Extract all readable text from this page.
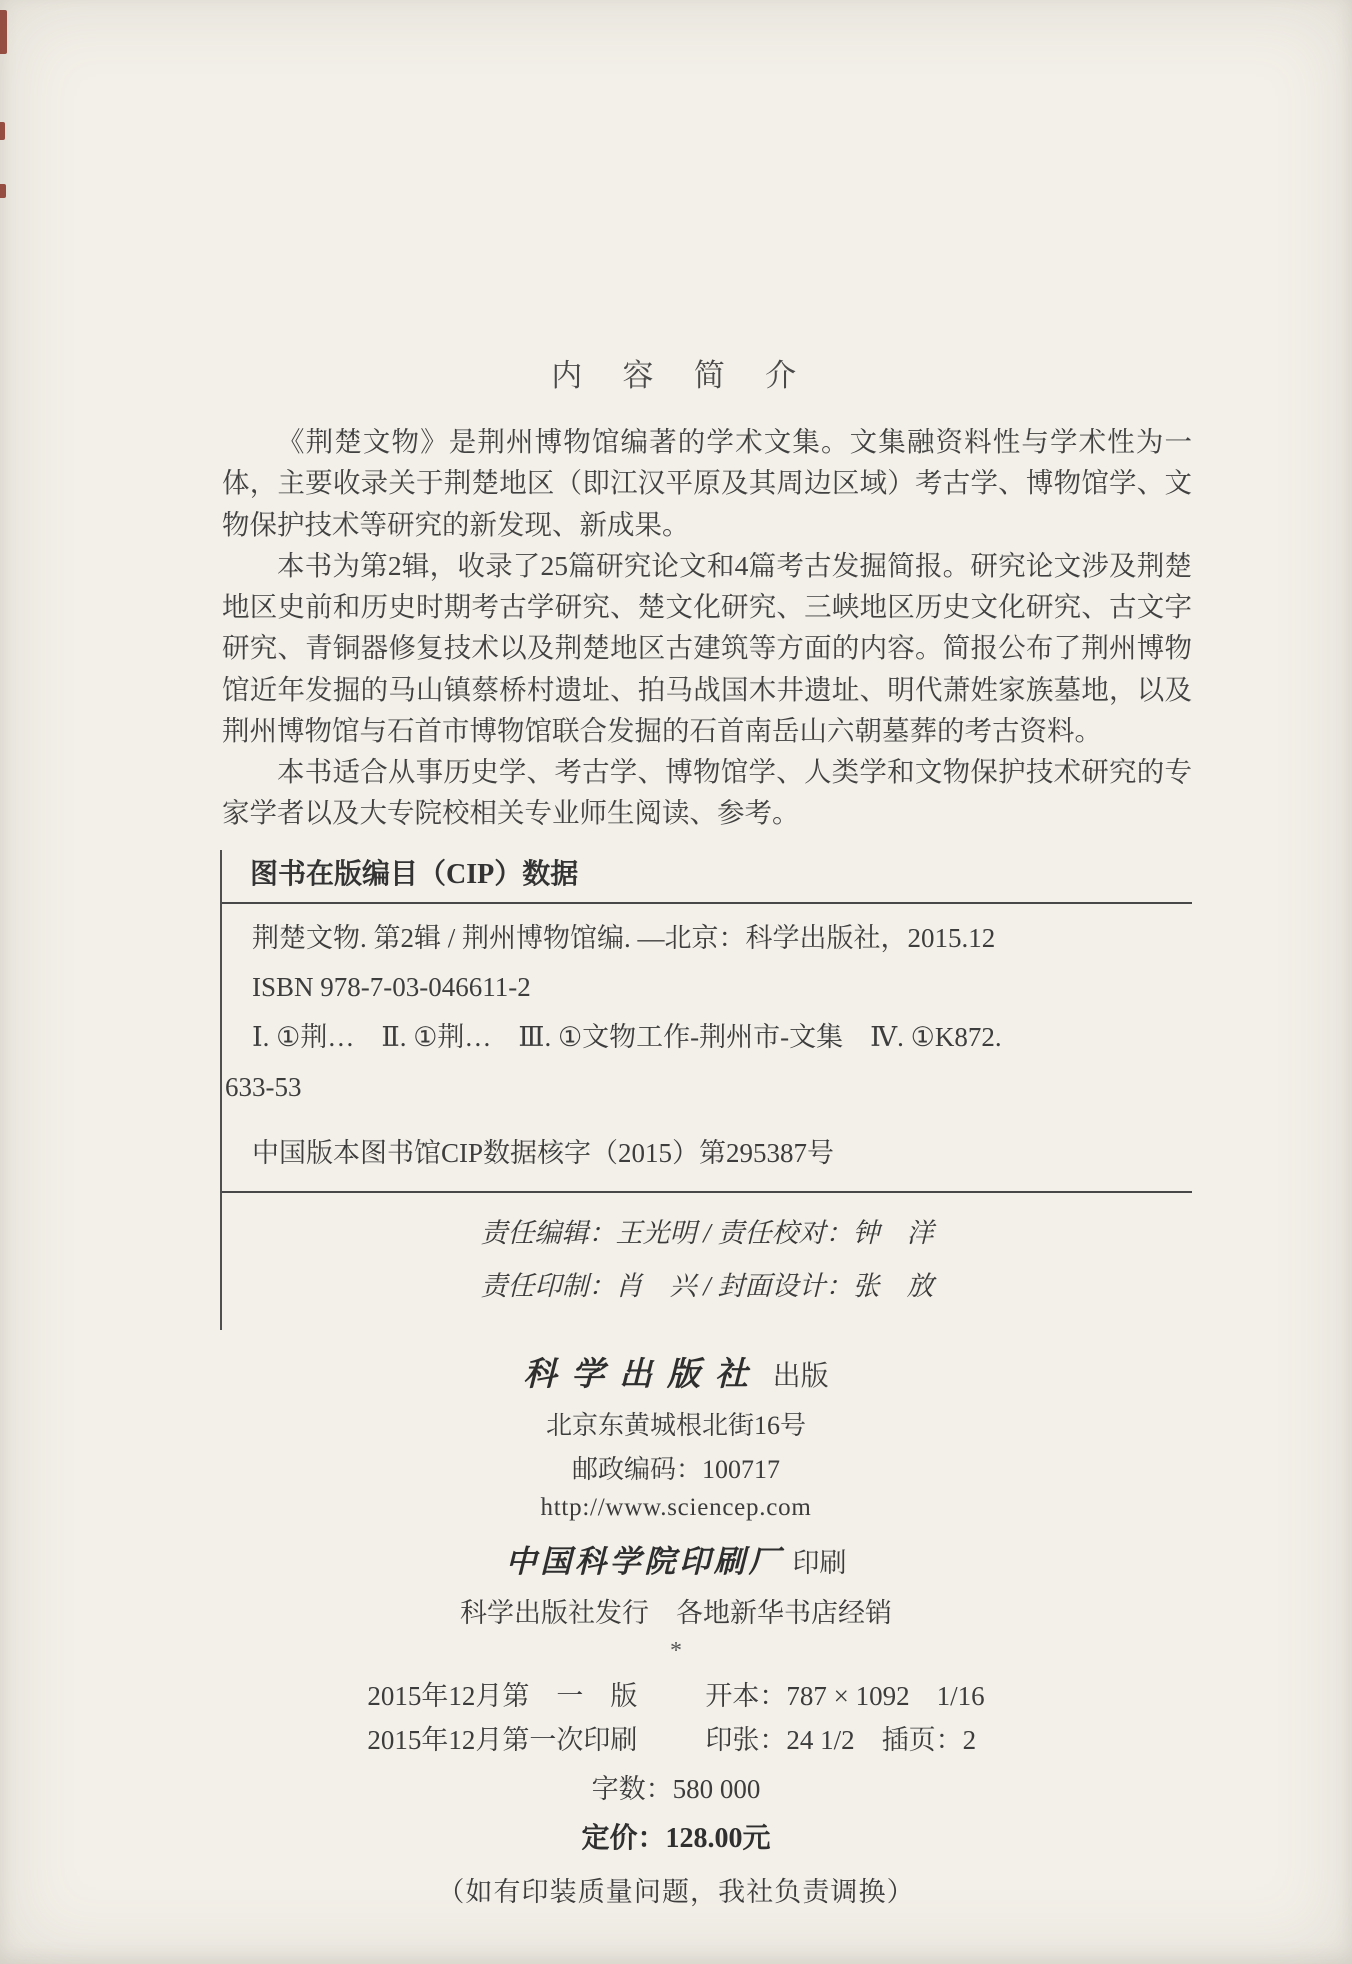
内　容　简　介

《荆楚文物》是荆州博物馆编著的学术文集。文集融资料性与学术性为一体，主要收录关于荆楚地区（即江汉平原及其周边区域）考古学、博物馆学、文物保护技术等研究的新发现、新成果。

本书为第2辑，收录了25篇研究论文和4篇考古发掘简报。研究论文涉及荆楚地区史前和历史时期考古学研究、楚文化研究、三峡地区历史文化研究、古文字研究、青铜器修复技术以及荆楚地区古建筑等方面的内容。简报公布了荆州博物馆近年发掘的马山镇蔡桥村遗址、拍马战国木井遗址、明代萧姓家族墓地，以及荆州博物馆与石首市博物馆联合发掘的石首南岳山六朝墓葬的考古资料。

本书适合从事历史学、考古学、博物馆学、人类学和文物保护技术研究的专家学者以及大专院校相关专业师生阅读、参考。

图书在版编目（CIP）数据

荆楚文物. 第2辑 / 荆州博物馆编. —北京：科学出版社，2015.12

ISBN 978-7-03-046611-2

Ⅰ. ①荆…　Ⅱ. ①荆…　Ⅲ. ①文物工作-荆州市-文集　Ⅳ. ①K872.

633-53

中国版本图书馆CIP数据核字（2015）第295387号

责任编辑：王光明 / 责任校对：钟　洋

责任印制：肖　兴 / 封面设计：张　放

科学出版社 出版

北京东黄城根北街16号

邮政编码：100717

http://www.sciencep.com

中国科学院印刷厂 印刷

科学出版社发行　各地新华书店经销

*

2015年12月第　一　版	开本：787 × 1092　1/16
2015年12月第一次印刷	印张：24 1/2　插页：2

字数：580 000

定价：128.00元

（如有印装质量问题，我社负责调换）
